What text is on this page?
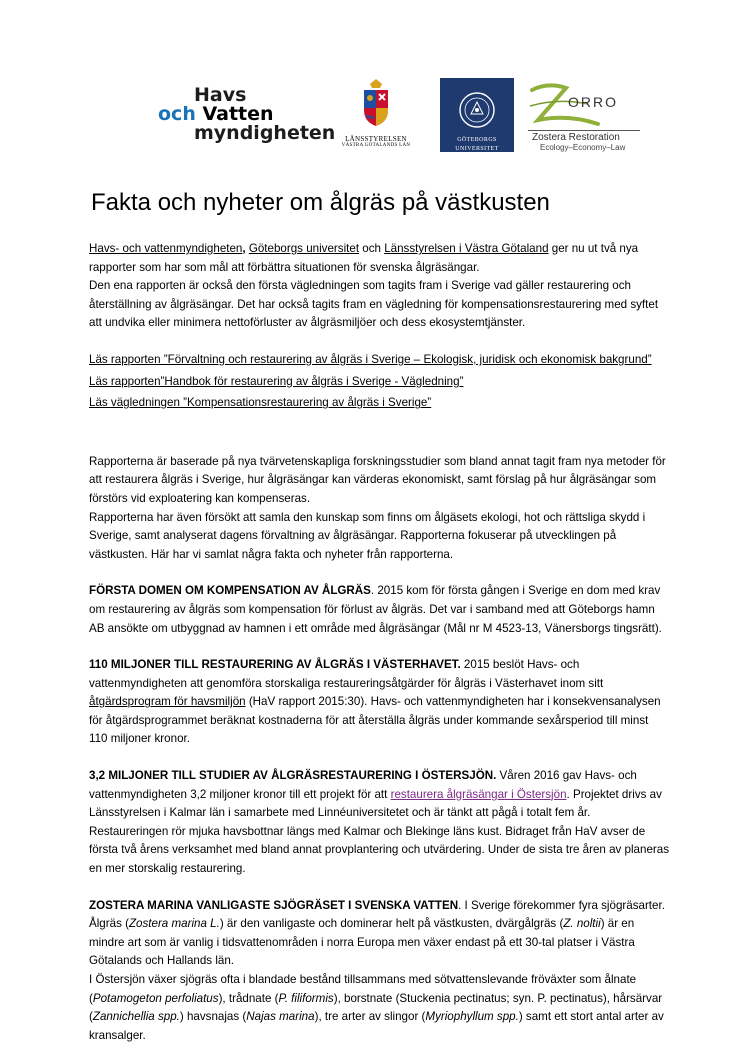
Havs
och Vatten
myndigheten	LÄNSSTYRELSEN
VÄSTRA GÖTALANDS LÄN
GÖTEBORGS
UNIVERSITET
ORRO
Zostera Restoration
Ecology–Economy–Law
Fakta och nyheter om ålgräs på västkusten

Havs- och vattenmyndigheten, Göteborgs universitet och Länsstyrelsen i Västra Götaland ger nu ut två nya rapporter som har som mål att förbättra situationen för svenska ålgräsängar.

Den ena rapporten är också den första vägledningen som tagits fram i Sverige vad gäller restaurering och återställning av ålgräsängar. Det har också tagits fram en vägledning för kompensationsrestaurering med syftet att undvika eller minimera nettoförluster av ålgräsmiljöer och dess ekosystemtjänster.

Läs rapporten ”Förvaltning och restaurering av ålgräs i Sverige – Ekologisk, juridisk och ekonomisk bakgrund”

Läs rapporten”Handbok för restaurering av ålgräs i Sverige - Vägledning”

Läs vägledningen ”Kompensationsrestaurering av ålgräs i Sverige”

Rapporterna är baserade på nya tvärvetenskapliga forskningsstudier som bland annat tagit fram nya metoder för att restaurera ålgräs i Sverige, hur ålgräsängar kan värderas ekonomiskt, samt förslag på hur ålgräsängar som förstörs vid exploatering kan kompenseras.

Rapporterna har även försökt att samla den kunskap som finns om ålgäsets ekologi, hot och rättsliga skydd i Sverige, samt analyserat dagens förvaltning av ålgräsängar. Rapporterna fokuserar på utvecklingen på västkusten. Här har vi samlat några fakta och nyheter från rapporterna.

FÖRSTA DOMEN OM KOMPENSATION AV ÅLGRÄS. 2015 kom för första gången i Sverige en dom med krav om restaurering av ålgräs som kompensation för förlust av ålgräs. Det var i samband med att Göteborgs hamn AB ansökte om utbyggnad av hamnen i ett område med ålgräsängar (Mål nr M 4523-13, Vänersborgs tingsrätt).

110 MILJONER TILL RESTAURERING AV ÅLGRÄS I VÄSTERHAVET. 2015 beslöt Havs- och vattenmyndigheten att genomföra storskaliga restaureringsåtgärder för ålgräs i Västerhavet inom sitt åtgärdsprogram för havsmiljön (HaV rapport 2015:30). Havs- och vattenmyndigheten har i konsekvensanalysen för åtgärdsprogrammet beräknat kostnaderna för att återställa ålgräs under kommande sexårsperiod till minst 110 miljoner kronor.

3,2 MILJONER TILL STUDIER AV ÅLGRÄSRESTAURERING I ÖSTERSJÖN. Våren 2016 gav Havs- och vattenmyndigheten 3,2 miljoner kronor till ett projekt för att restaurera ålgräsängar i Östersjön. Projektet drivs av Länsstyrelsen i Kalmar län i samarbete med Linnéuniversitetet och är tänkt att pågå i totalt fem år. Restaureringen rör mjuka havsbottnar längs med Kalmar och Blekinge läns kust. Bidraget från HaV avser de första två årens verksamhet med bland annat provplantering och utvärdering. Under de sista tre åren av planeras en mer storskalig restaurering.

ZOSTERA MARINA VANLIGASTE SJÖGRÄSET I SVENSKA VATTEN. I Sverige förekommer fyra sjögräsarter. Ålgräs (Zostera marina L.) är den vanligaste och dominerar helt på västkusten, dvärgålgräs (Z. noltii) är en mindre art som är vanlig i tidsvattenområden i norra Europa men växer endast på ett 30-tal platser i Västra Götalands och Hallands län.

I Östersjön växer sjögräs ofta i blandade bestånd tillsammans med sötvattenslevande fröväxter som ålnate (Potamogeton perfoliatus), trådnate (P. filiformis), borstnate (Stuckenia pectinatus; syn. P. pectinatus), hårsärvar (Zannichellia spp.) havsnajas (Najas marina), tre arter av slingor (Myriophyllum spp.) samt ett stort antal arter av kransalger.
